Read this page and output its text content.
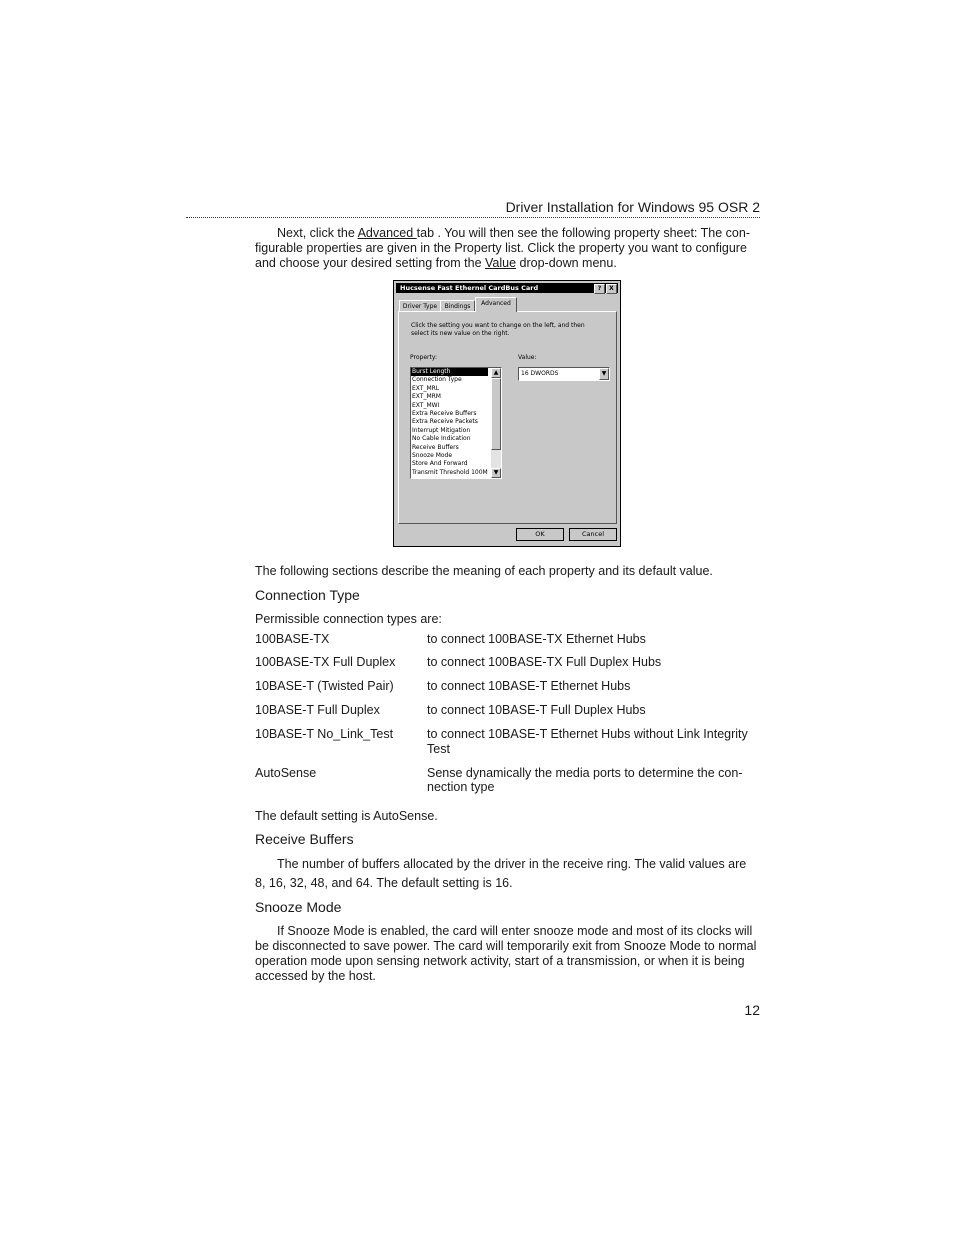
Driver Installation for Windows 95 OSR 2
Next, click the Advanced tab . You will then see the following property sheet: The con-
figurable properties are given in the Property list. Click the property you want to configure
and choose your desired setting from the Value drop-down menu.
Hucsense Fast Ethernel CardBus Card	?	X
Driver Type	Bindings	Advanced
Click the setting you want to change on the left, and then
select its new value on the right.
Property:	Value:
Burst Length
Connection Type
EXT_MRL
EXT_MRM
EXT_MWI
Extra Receive Buffers
Extra Receive Packets
Interrupt Mitigation
No Cable Indication
Receive Buffers
Snooze Mode
Store And Forward
Transmit Threshold 100M
▲
▼
16 DWORDS	▼
OK	Cancel
The following sections describe the meaning of each property and its default value.
Connection Type
Permissible connection types are:
100BASE-TX	to connect 100BASE-TX Ethernet Hubs
100BASE-TX Full Duplex	to connect 100BASE-TX Full Duplex Hubs
10BASE-T (Twisted Pair)	to connect 10BASE-T Ethernet Hubs
10BASE-T Full Duplex	to connect 10BASE-T Full Duplex Hubs
10BASE-T No_Link_Test	to connect 10BASE-T Ethernet Hubs without Link Integrity
Test
AutoSense	Sense dynamically the media ports to determine the con-
nection type
The default setting is AutoSense.
Receive Buffers
The number of buffers allocated by the driver in the receive ring. The valid values are
8, 16, 32, 48, and 64. The default setting is 16.
Snooze Mode
If Snooze Mode is enabled, the card will enter snooze mode and most of its clocks will
be disconnected to save power. The card will temporarily exit from Snooze Mode to normal
operation mode upon sensing network activity, start of a transmission, or when it is being
accessed by the host.
12
